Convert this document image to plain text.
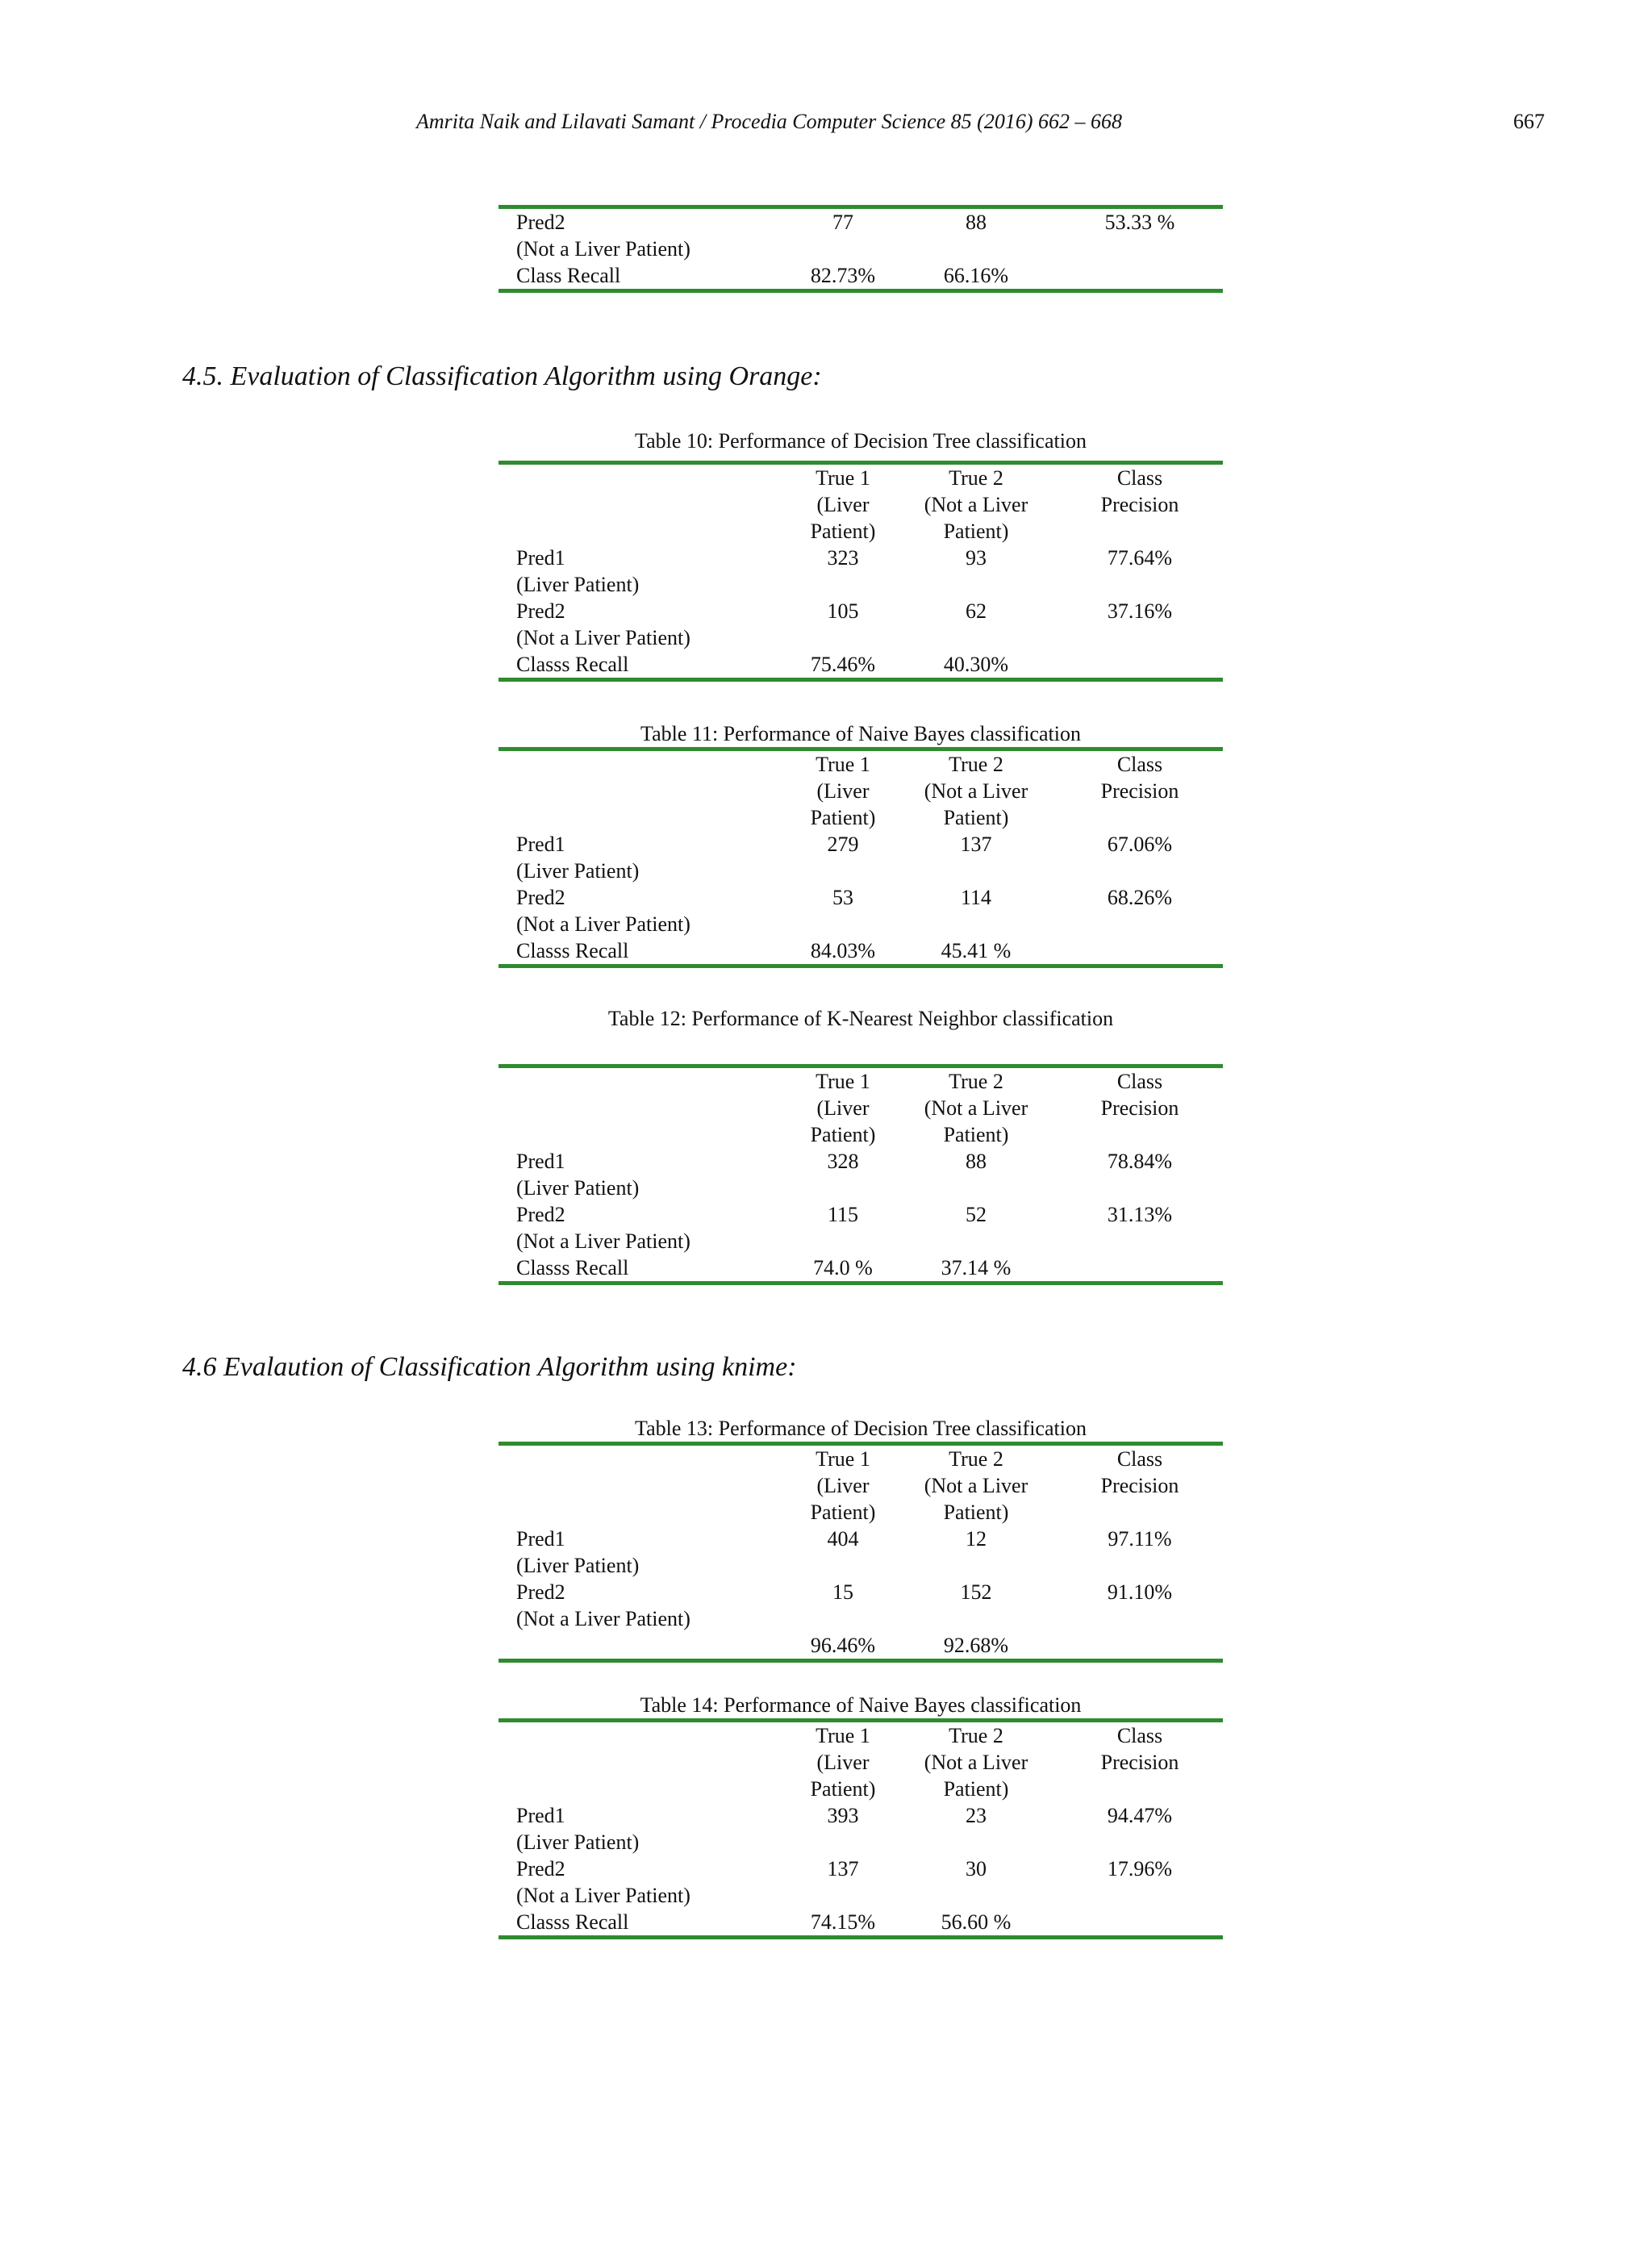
Amrita Naik and Lilavati Samant / Procedia Computer Science 85 (2016) 662 – 668	667
Pred2	77	88	53.33 %
(Not a Liver Patient)			
Class Recall	82.73%	66.16%	
4.5. Evaluation of Classification Algorithm using Orange:
Table 10: Performance of Decision Tree classification
	True 1	True 2	Class
	(Liver	(Not a Liver	Precision
	Patient)	Patient)	
Pred1	323	93	77.64%
(Liver Patient)			
Pred2	105	62	37.16%
(Not a Liver Patient)			
Classs Recall	75.46%	40.30%	
Table 11: Performance of Naive Bayes classification
	True 1	True 2	Class
	(Liver	(Not a Liver	Precision
	Patient)	Patient)	
Pred1	279	137	67.06%
(Liver Patient)			
Pred2	53	114	68.26%
(Not a Liver Patient)			
Classs Recall	84.03%	45.41 %	
Table 12: Performance of K-Nearest Neighbor classification
	True 1	True 2	Class
	(Liver	(Not a Liver	Precision
	Patient)	Patient)	
Pred1	328	88	78.84%
(Liver Patient)			
Pred2	115	52	31.13%
(Not a Liver Patient)			
Classs Recall	74.0 %	37.14 %	
4.6 Evalaution of Classification Algorithm using knime:
Table 13: Performance of Decision Tree classification
	True 1	True 2	Class
	(Liver	(Not a Liver	Precision
	Patient)	Patient)	
Pred1	404	12	97.11%
(Liver Patient)			
Pred2	15	152	91.10%
(Not a Liver Patient)			
	96.46%	92.68%	
Table 14: Performance of Naive Bayes classification
	True 1	True 2	Class
	(Liver	(Not a Liver	Precision
	Patient)	Patient)	
Pred1	393	23	94.47%
(Liver Patient)			
Pred2	137	30	17.96%
(Not a Liver Patient)			
Classs Recall	74.15%	56.60 %	
